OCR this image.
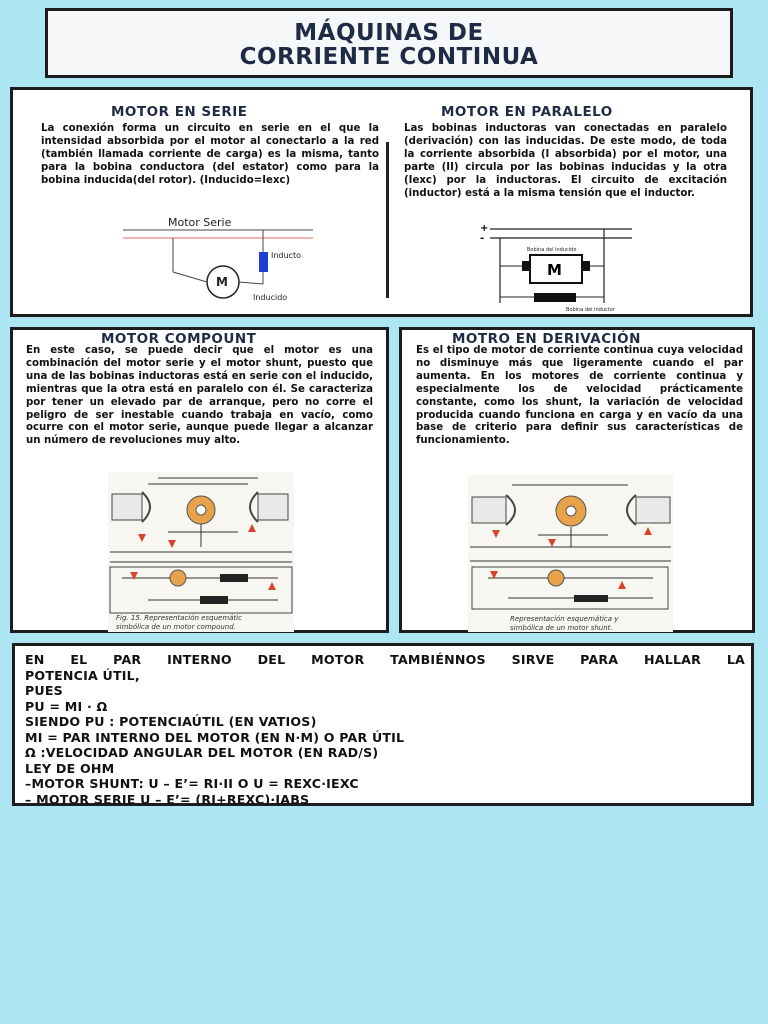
MÁQUINAS DE
CORRIENTE CONTINUA
MOTOR EN SERIE
La conexión forma un circuito en serie en el que la intensidad absorbida por el motor al conectarlo a la red (también llamada corriente de carga) es la misma, tanto para la bobina conductora (del estator) como para la bobina inducida(del rotor). (Inducido=Iexc)
Motor Serie
Inducto
M
Inducido
MOTOR EN PARALELO
Las bobinas inductoras van conectadas en paralelo (derivación) con las inducidas. De este modo, de toda la corriente absorbida (I absorbida) por el motor, una parte (II) circula por las bobinas inducidas y la otra (Iexc) por la inductoras. El circuito de excitación (inductor) está a la misma tensión que el inductor.
+
-
Bobina del inducido
M
Bobina del inductor
MOTOR COMPOUNT
En este caso, se puede decir que el motor es una combinación del motor serie y el motor shunt, puesto que una de las bobinas inductoras está en serie con el inducido, mientras que la otra está en paralelo con él. Se caracteriza por tener un elevado par de arranque, pero no corre el peligro de ser inestable cuando trabaja en vacío, como ocurre con el motor serie, aunque puede llegar a alcanzar un número de revoluciones muy alto.
Fig. 15. Representación esquemátic
simbólica de un motor compound.
MOTRO EN DERIVACIÓN
Es el tipo de motor de corriente continua cuya velocidad no disminuye más que ligeramente cuando el par aumenta. En los motores de corriente continua y especialmente los de velocidad prácticamente constante, como los shunt, la variación de velocidad producida cuando funciona en carga y en vacío da una base de criterio para definir sus características de funcionamiento.
Representación esquemática y
simbólica de un motor shunt.
EN EL PAR INTERNO DEL MOTOR TAMBIÉNNOS SIRVE PARA HALLAR LA
POTENCIA ÚTIL,
PUES
PU = MI · Ω
SIENDO PU : POTENCIAÚTIL (EN VATIOS)
MI = PAR INTERNO DEL MOTOR (EN N·M) O PAR ÚTIL
Ω :VELOCIDAD ANGULAR DEL MOTOR (EN RAD/S)
LEY DE OHM
–MOTOR SHUNT: U – E’= RI·II O U = REXC·IEXC
– MOTOR SERIE U – E’= (RI+REXC)·IABS
